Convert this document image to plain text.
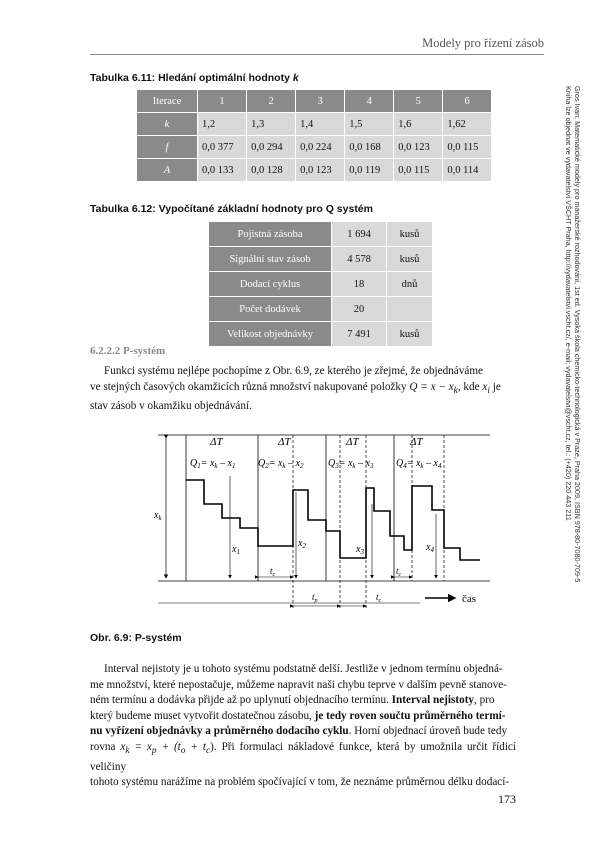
Modely pro řízení zásob
Gros Ivan: Matematické modely pro manažerské rozhodování, 1st ed. Vysoká škola chemicko-technologická v Praze, Praha 2009, ISBN 978-80-7080-709-5
Kniha lze objednat ve vydavatelství VŠCHT Praha, http://vydavatelstvi.vscht.cz/, e-mail: vydavatelstvi@vscht.cz, tel.: (+420) 220 443 211
Tabulka 6.11: Hledání optimální hodnoty k
Iterace	1	2	3	4	5	6
k	1,2	1,3	1,4	1,5	1,6	1,62
f	0,0 377	0,0 294	0,0 224	0,0 168	0,0 123	0,0 115
A	0,0 133	0,0 128	0,0 123	0,0 119	0,0 115	0,0 114
Tabulka 6.12: Vypočítané základní hodnoty pro Q systém
Pojistná zásoba	1 694	kusů
Signální stav zásob	4 578	kusů
Dodací cyklus	18	dnů
Počet dodávek	20	
Velikost objednávky	7 491	kusů
6.2.2.2 P-systém
Funkci systému nejlépe pochopíme z Obr. 6.9, ze kterého je zřejmé, že objednáváme
ve stejných časových okamžicích různá množství nakupované položky $Q = x - x_k$, kde $x_i$ je
stav zásob v okamžiku objednávání.
ΔT	ΔT	ΔT	ΔT
$Q_1= x_k - x_1$ $Q_2= x_k - x_2$ $Q_3= x_k - x_3$ $Q_4= x_k - x_4$
$x_k$
$x_1$
$x_2$	$x_3$	$x_4$
$t_c$	$t_c$
$t_p$	$t_c$	čas
Obr. 6.9: P-systém
Interval nejistoty je u tohoto systému podstatně delší. Jestliže v jednom termínu objedná-
me množství, které nepostačuje, můžeme napravit naši chybu teprve v dalším pevně stanove-
ném termínu a dodávka přijde až po uplynutí objednacího termínu. Interval nejistoty, pro
který budeme muset vytvořit dostatečnou zásobu, je tedy roven součtu průměrného termí-
nu vyřízení objednávky a průměrného dodacího cyklu. Horní objednací úroveň bude tedy
rovna $x_k = x_p + (t_o + t_c)$. Při formulaci nákladové funkce, která by umožnila určit řídicí veličiny
tohoto systému narážíme na problém spočívající v tom, že neznáme průměrnou délku dodací-
173
